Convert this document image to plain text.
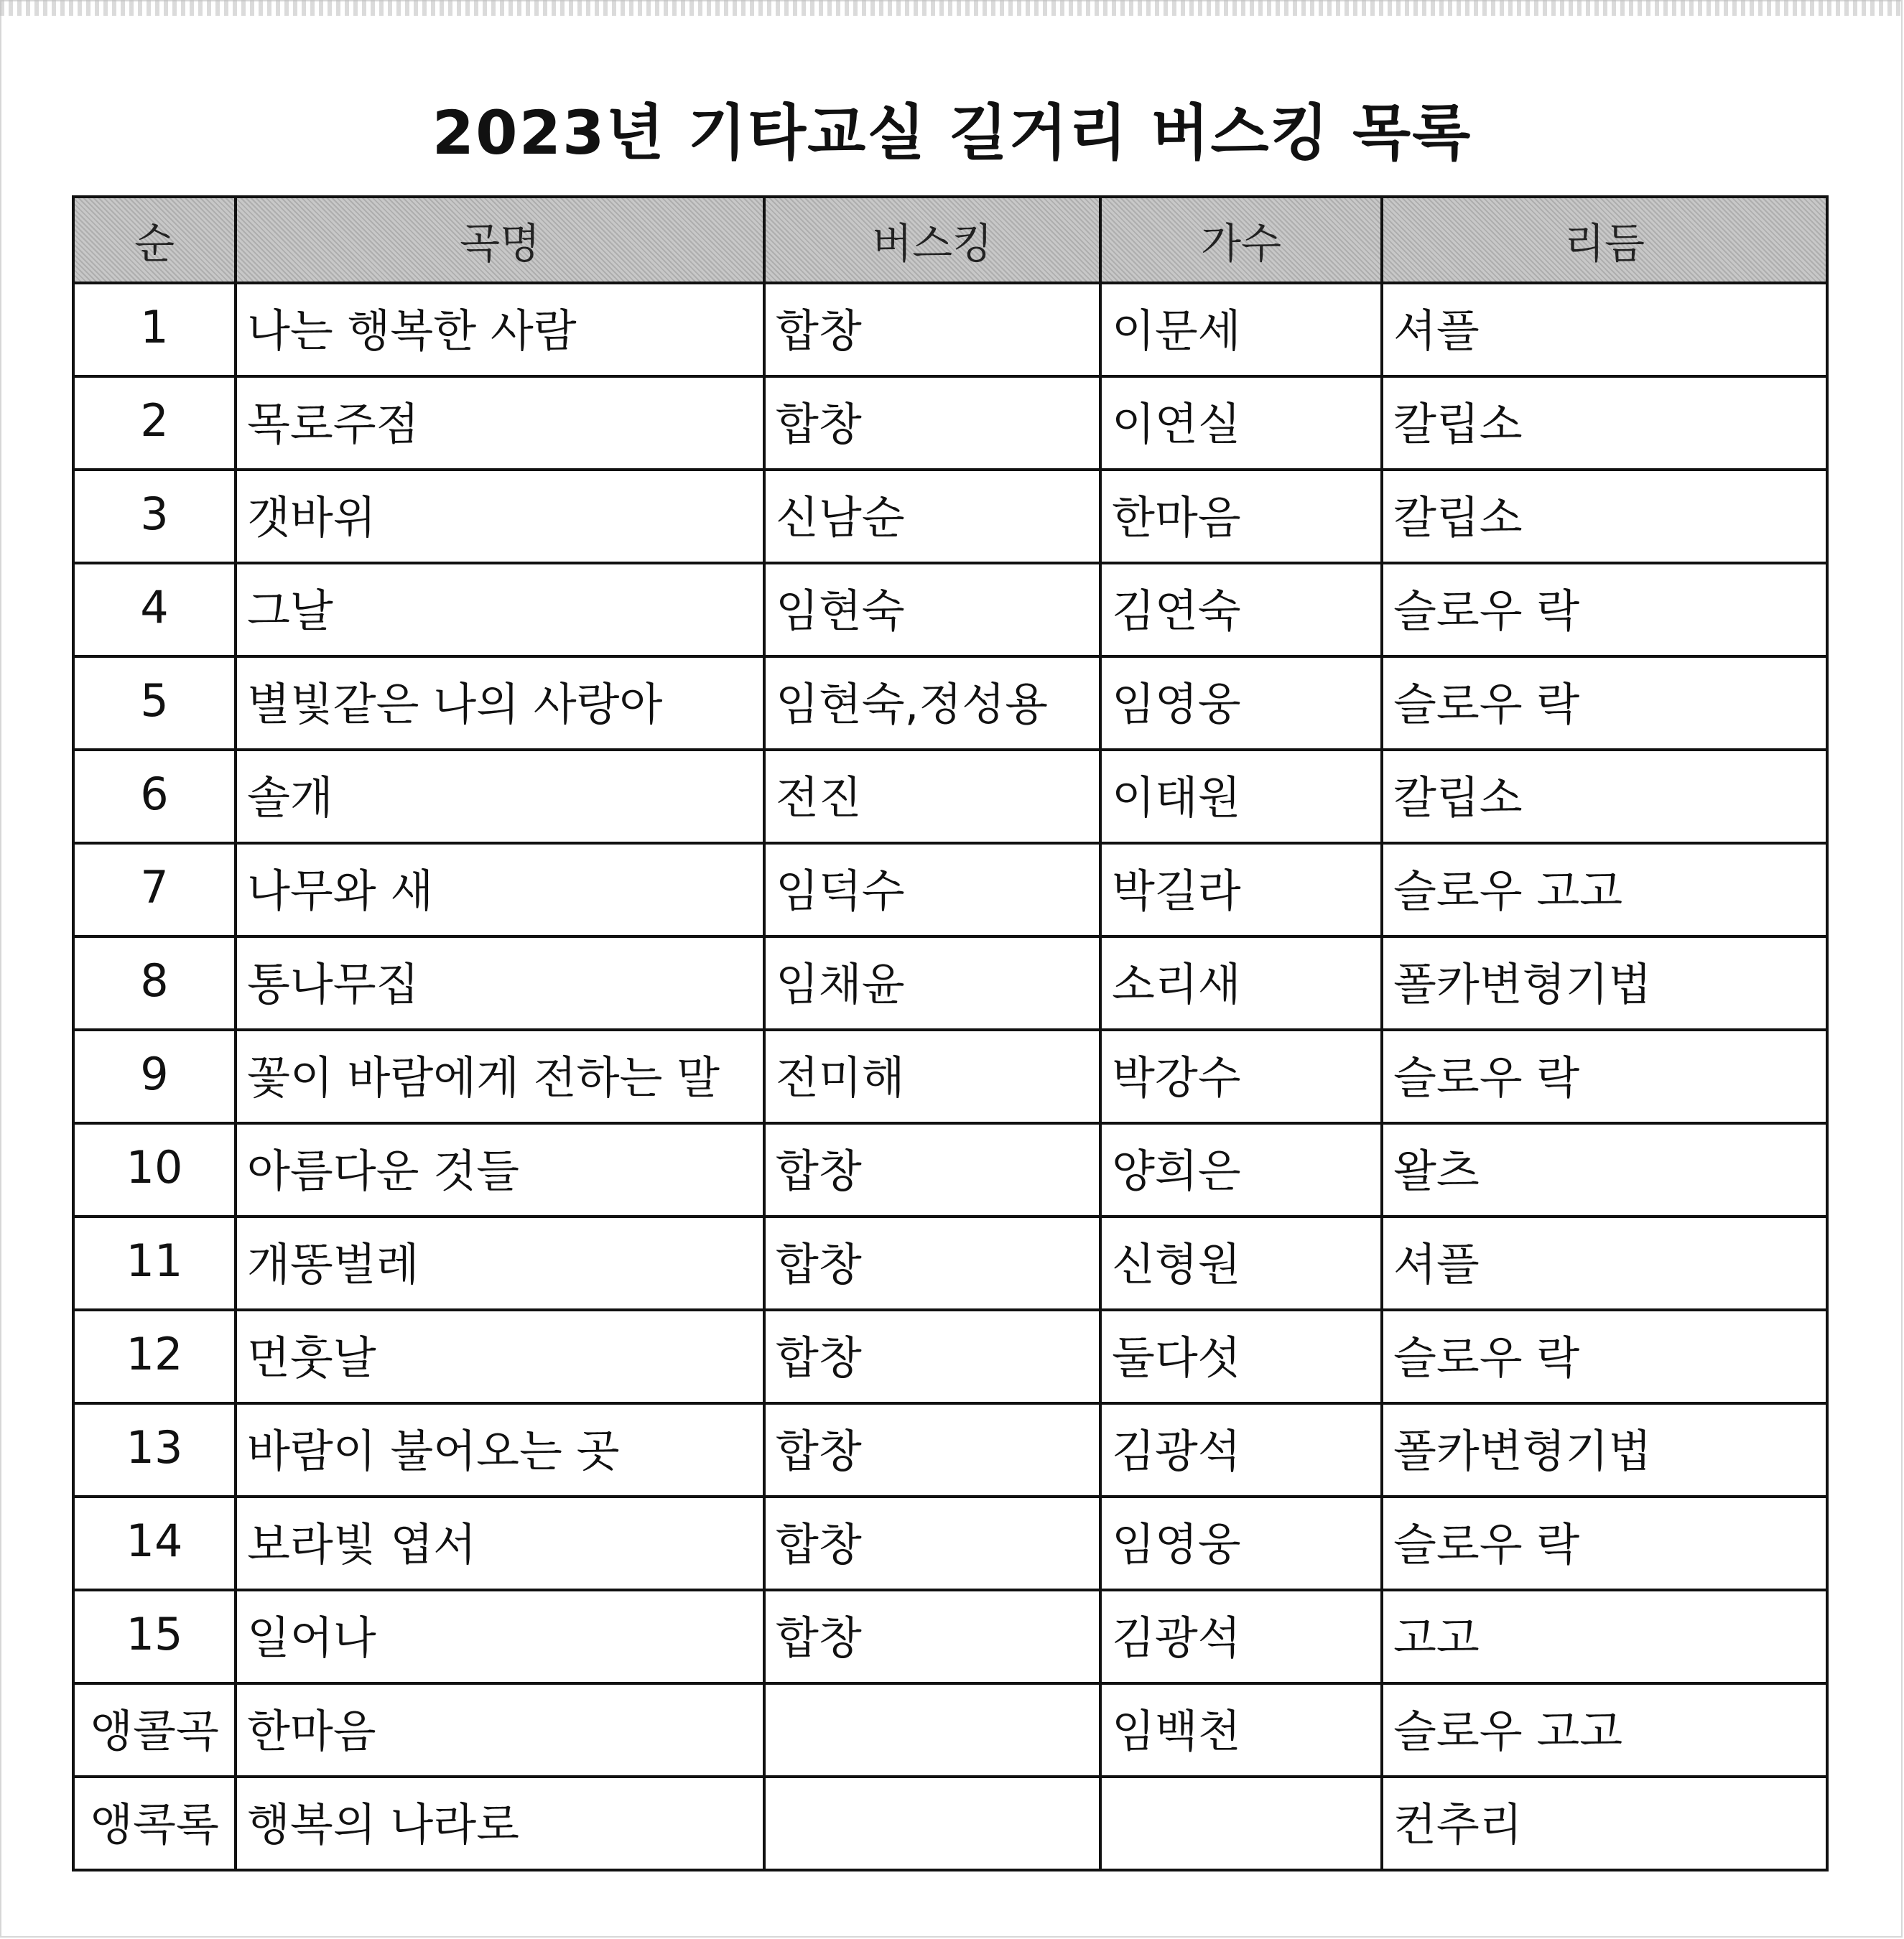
2023년 기타교실 길거리 버스킹 목록
순	곡명	버스킹	가수	리듬
1	나는 행복한 사람	합창	이문세	셔플
2	목로주점	합창	이연실	칼립소
3	갯바위	신남순	한마음	칼립소
4	그날	임현숙	김연숙	슬로우 락
5	별빛같은 나의 사랑아	임현숙,정성용	임영웅	슬로우 락
6	솔개	전진	이태원	칼립소
7	나무와 새	임덕수	박길라	슬로우 고고
8	통나무집	임채윤	소리새	폴카변형기법
9	꽃이 바람에게 전하는 말	전미해	박강수	슬로우 락
10	아름다운 것들	합창	양희은	왈츠
11	개똥벌레	합창	신형원	셔플
12	먼훗날	합창	둘다섯	슬로우 락
13	바람이 불어오는 곳	합창	김광석	폴카변형기법
14	보라빛 엽서	합창	임영웅	슬로우 락
15	일어나	합창	김광석	고고
앵콜곡	한마음		임백천	슬로우 고고
앵콕록	행복의 나라로			컨추리
